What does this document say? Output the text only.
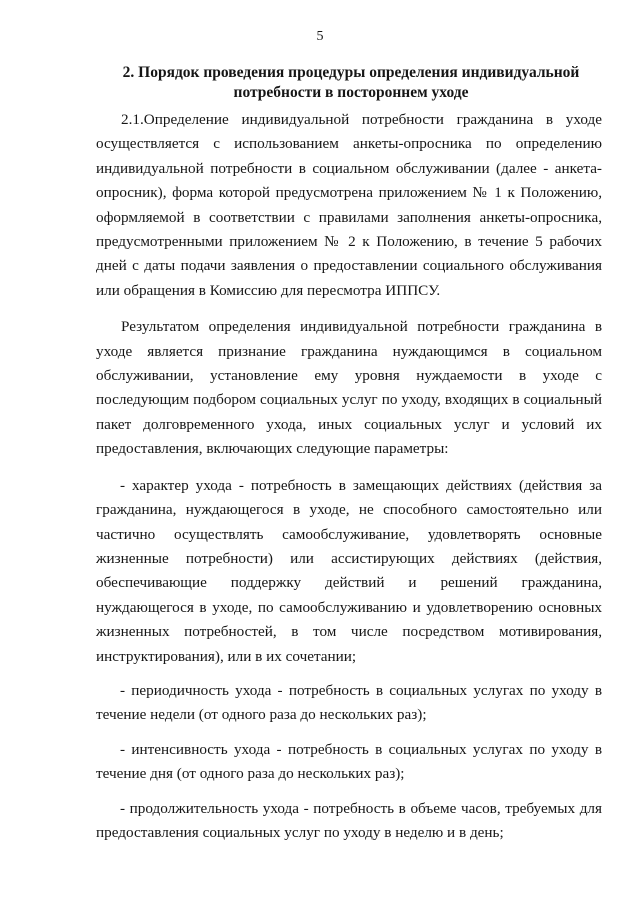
5
2. Порядок проведения процедуры определения индивидуальной
потребности в постороннем уходе

2.1.Определение индивидуальной потребности гражданина в уходе осуществляется с использованием анкеты-опросника по определению индивидуальной потребности в социальном обслуживании (далее - анкета-опросник), форма которой предусмотрена приложением № 1 к Положению, оформляемой в соответствии с правилами заполнения анкеты-опросника, предусмотренными приложением № 2 к Положению, в течение 5 рабочих дней с даты подачи заявления о предоставлении социального обслуживания или обращения в Комиссию для пересмотра ИППСУ.

Результатом определения индивидуальной потребности гражданина в уходе является признание гражданина нуждающимся в социальном обслуживании, установление ему уровня нуждаемости в уходе с последующим подбором социальных услуг по уходу, входящих в социальный пакет долговременного ухода, иных социальных услуг и условий их предоставления, включающих следующие параметры:

- характер ухода - потребность в замещающих действиях (действия за гражданина, нуждающегося в уходе, не способного самостоятельно или частично осуществлять самообслуживание, удовлетворять основные жизненные потребности) или ассистирующих действиях (действия, обеспечивающие поддержку действий и решений гражданина, нуждающегося в уходе, по самообслуживанию и удовлетворению основных жизненных потребностей, в том числе посредством мотивирования, инструктирования), или в их сочетании;

- периодичность ухода - потребность в социальных услугах по уходу в течение недели (от одного раза до нескольких раз);

- интенсивность ухода - потребность в социальных услугах по уходу в течение дня (от одного раза до нескольких раз);

- продолжительность ухода - потребность в объеме часов, требуемых для предоставления социальных услуг по уходу в неделю и в день;
